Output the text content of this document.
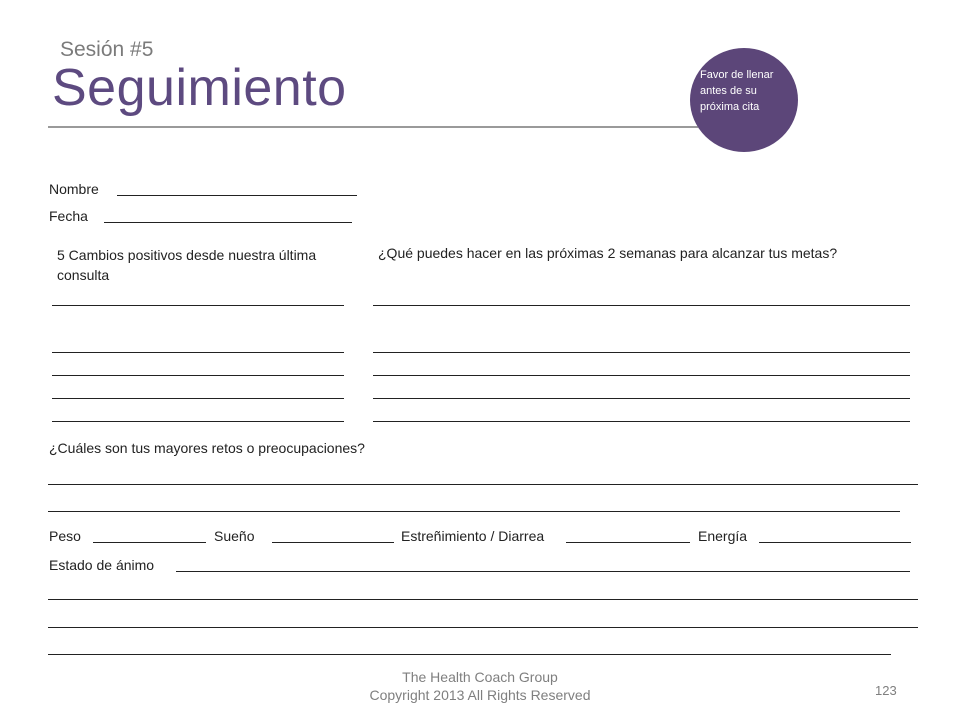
Sesión #5
Seguimiento	Favor de llenar antes de su próxima cita
Nombre
Fecha
5 Cambios positivos desde nuestra última consulta
¿Qué puedes hacer en las próximas 2 semanas para alcanzar tus metas?
¿Cuáles son tus mayores retos o preocupaciones?
Peso	Sueño	Estreñimiento / Diarrea	Energía
Estado de ánimo
The Health Coach Group
Copyright 2013 All Rights Reserved	123
